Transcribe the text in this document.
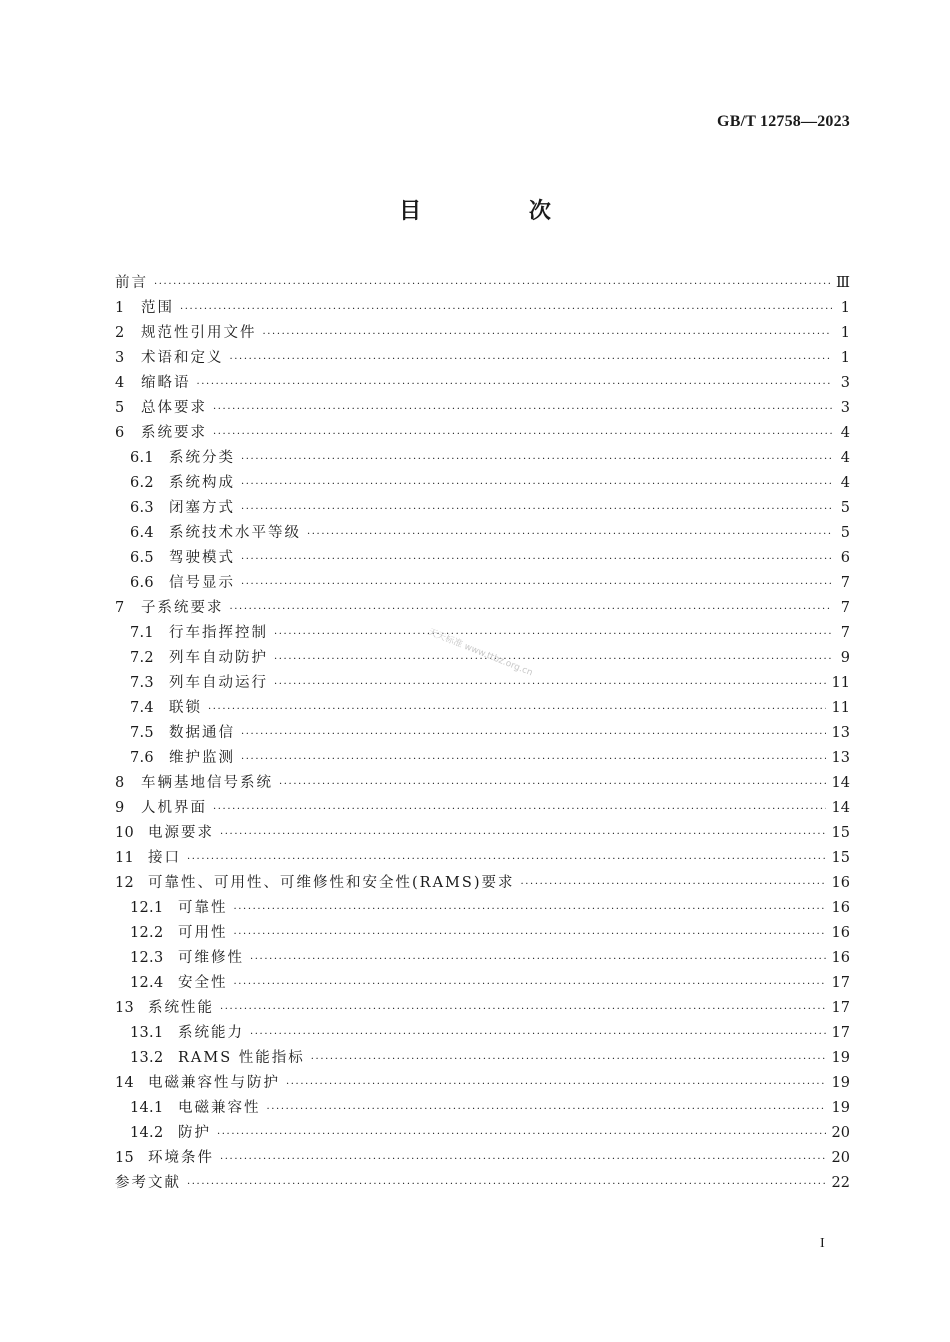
GB/T 12758—2023
目 次
前言 ·····	Ⅲ
1	范围 ·····	1
2	规范性引用文件 ·····	1
3	术语和定义 ·····	1
4	缩略语 ·····	3
5	总体要求 ·····	3
6	系统要求 ·····	4
6.1	系统分类 ·····	4
6.2	系统构成 ·····	4
6.3	闭塞方式 ·····	5
6.4	系统技术水平等级 ·····	5
6.5	驾驶模式 ·····	6
6.6	信号显示 ·····	7
7	子系统要求 ·····	7
7.1	行车指挥控制 ·····	7
7.2	列车自动防护 ·····	9
7.3	列车自动运行 ·····	11
7.4	联锁 ·····	11
7.5	数据通信 ·····	13
7.6	维护监测 ·····	13
8	车辆基地信号系统 ·····	14
9	人机界面 ·····	14
10 电源要求 ·····	15
11 接口 ·····	15
12 可靠性、可用性、可维修性和安全性(RAMS)要求 ·····	16
12.1	可靠性 ·····	16
12.2	可用性 ·····	16
12.3	可维修性 ·····	16
12.4	安全性 ·····	17
13 系统性能 ·····	17
13.1	系统能力 ·····	17
13.2	RAMS 性能指标 ·····	19
14 电磁兼容性与防护 ·····	19
14.1	电磁兼容性 ·····	19
14.2	防护 ·····	20
15 环境条件 ·····	20
参考文献 ·····	22
天天标准 www.ttbz.org.cn
I
